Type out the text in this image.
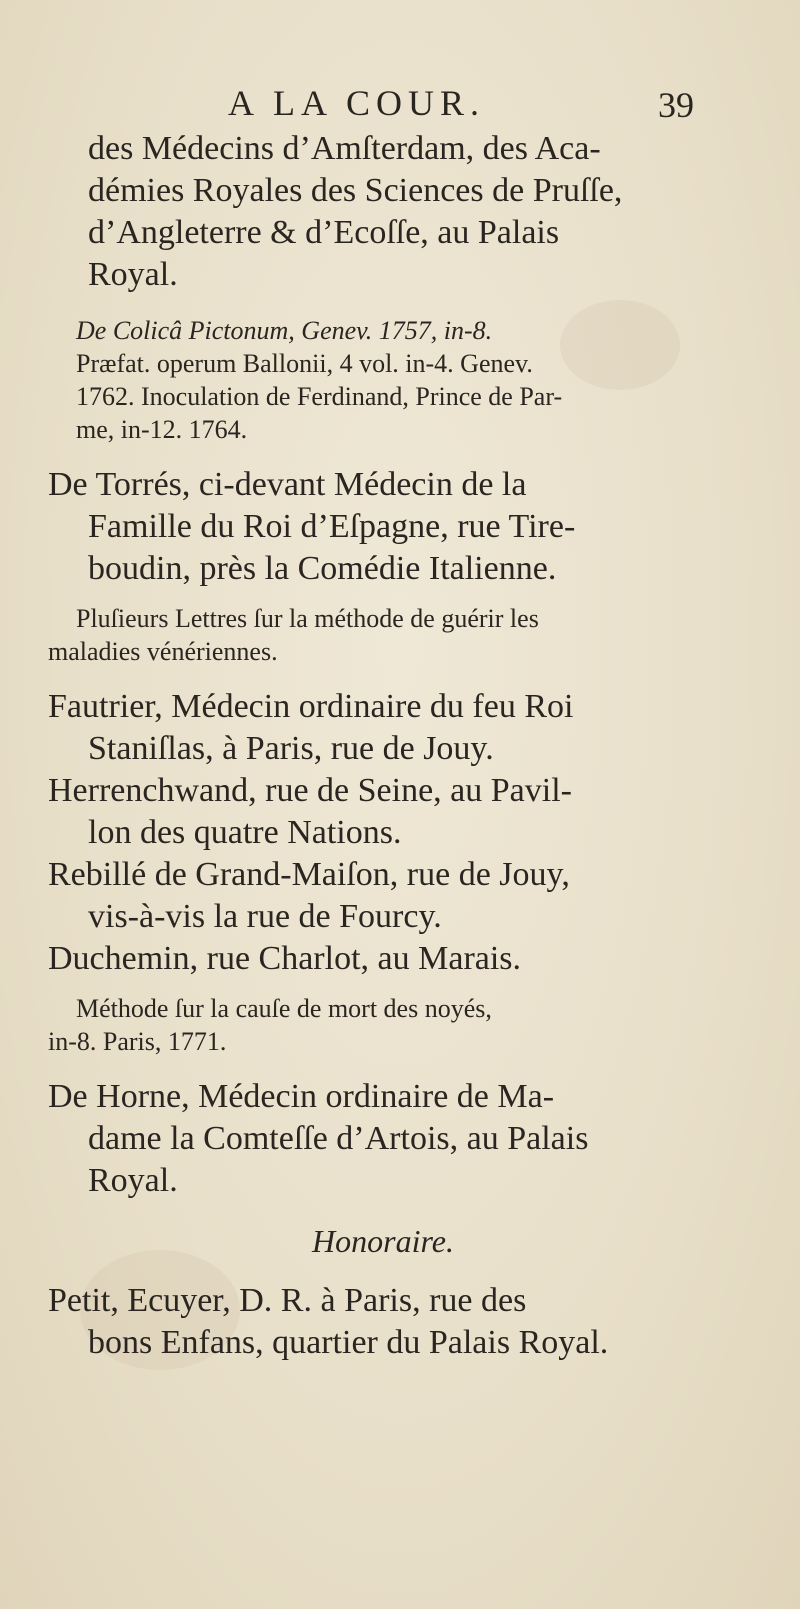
A LA COUR.	39

des Médecins d’Amſterdam, des Aca-

démies Royales des Sciences de Pruſſe,

d’Angleterre & d’Ecoſſe, au Palais

Royal.

De Colicâ Pictonum, Genev. 1757, in-8.

Præfat. operum Ballonii, 4 vol. in-4. Genev.

1762. Inoculation de Ferdinand, Prince de Par-

me, in-12. 1764.

De Torrés, ci-devant Médecin de la

Famille du Roi d’Eſpagne, rue Tire-

boudin, près la Comédie Italienne.

Pluſieurs Lettres ſur la méthode de guérir les

maladies vénériennes.

Fautrier, Médecin ordinaire du feu Roi

Staniſlas, à Paris, rue de Jouy.

Herrenchwand, rue de Seine, au Pavil-

lon des quatre Nations.

Rebillé de Grand-Maiſon, rue de Jouy,

vis-à-vis la rue de Fourcy.

Duchemin, rue Charlot, au Marais.

Méthode ſur la cauſe de mort des noyés,

in-8. Paris, 1771.

De Horne, Médecin ordinaire de Ma-

dame la Comteſſe d’Artois, au Palais

Royal.

Honoraire.

Petit, Ecuyer, D. R. à Paris, rue des

bons Enfans, quartier du Palais Royal.
